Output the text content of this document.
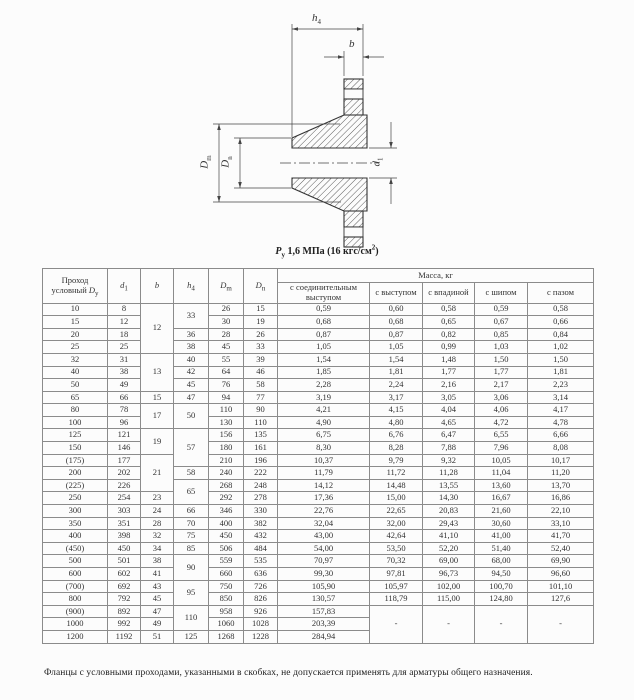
$h_4$
b
$D_m$
$D_n$
$d_1$
$P_у$ 1,6 МПа (16 кгс/$см^2$)
Проход условный $D_у$	$d_1$	b	$h_4$	$D_m$	$D_n$	Масса, кг				
						с соединительным выступом	с выступом	с впадиной	с шипом	с пазом
10	8	12	33	26	15	0,59	0,60	0,58	0,59	0,58
15	12			30	19	0,68	0,68	0,65	0,67	0,66
20	18		36	28	26	0,87	0,87	0,82	0,85	0,84
25	25		38	45	33	1,05	1,05	0,99	1,03	1,02
32	31	13	40	55	39	1,54	1,54	1,48	1,50	1,50
40	38		42	64	46	1,85	1,81	1,77	1,77	1,81
50	49		45	76	58	2,28	2,24	2,16	2,17	2,23
65	66	15	47	94	77	3,19	3,17	3,05	3,06	3,14
80	78	17	50	110	90	4,21	4,15	4,04	4,06	4,17
100	96			130	110	4,90	4,80	4,65	4,72	4,78
125	121	19	57	156	135	6,75	6,76	6,47	6,55	6,66
150	146			180	161	8,30	8,28	7,88	7,96	8,08
(175)	177	21		210	196	10,37	9,79	9,32	10,05	10,17
200	202		58	240	222	11,79	11,72	11,28	11,04	11,20
(225)	226		65	268	248	14,12	14,48	13,55	13,60	13,70
250	254	23		292	278	17,36	15,00	14,30	16,67	16,86
300	303	24	66	346	330	22,76	22,65	20,83	21,60	22,10
350	351	28	70	400	382	32,04	32,00	29,43	30,60	33,10
400	398	32	75	450	432	43,00	42,64	41,10	41,00	41,70
(450)	450	34	85	506	484	54,00	53,50	52,20	51,40	52,40
500	501	38	90	559	535	70,97	70,32	69,00	68,00	69,90
600	602	41		660	636	99,30	97,81	96,73	94,50	96,60
(700)	692	43	95	750	726	105,90	105,97	102,00	100,70	101,10
800	792	45		850	826	130,57	118,79	115,00	124,80	127,6
(900)	892	47	110	958	926	157,83	-	-	-	-
1000	992	49		1060	1028	203,39				
1200	1192	51	125	1268	1228	284,94				
Фланцы с условными проходами, указанными в скобках, не допускается применять для арматуры общего назначения.
